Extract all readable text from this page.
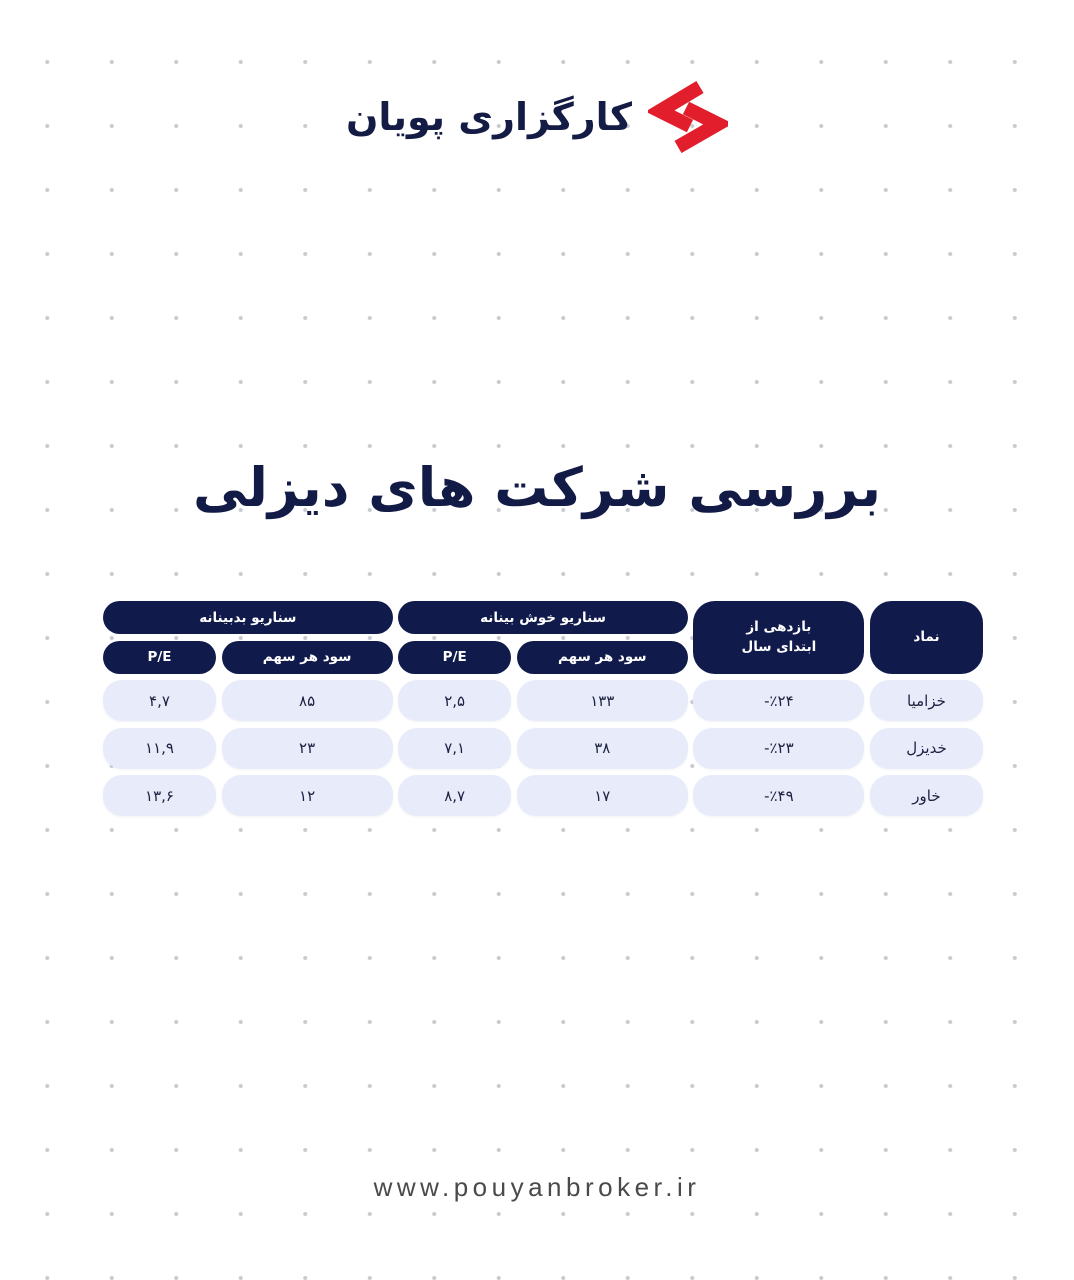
کارگزاری پویان
بررسی شرکت های دیزلی
سناریو بدبینانه	سناریو خوش بینانه
بازدهی از
ابتدای سال
نماد
P/E	سود هر سهم	P/E	سود هر سهم
۴,۷	۸۵	۲,۵	۱۳۳	-٪۲۴	خزامیا
۱۱,۹	۲۳	۷,۱	۳۸	-٪۲۳	خدیزل
۱۳,۶	۱۲	۸,۷	۱۷	-٪۴۹	خاور
www.pouyanbroker.ir
